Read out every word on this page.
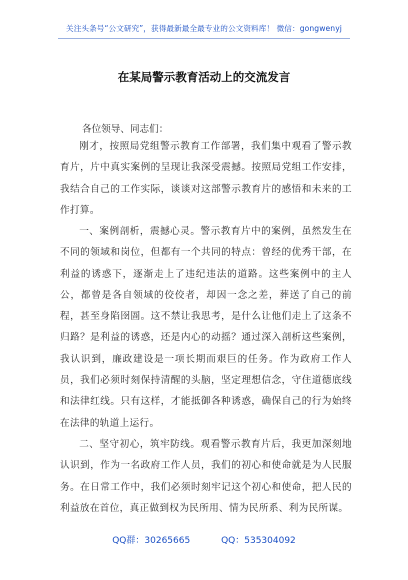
关注头条号“公文研究”，获得最新最全最专业的公文资料库！ 微信：gongwenyj
在某局警示教育活动上的交流发言
各位领导、同志们：

刚才，按照局党组警示教育工作部署，我们集中观看了警示教育片，片中真实案例的呈现让我深受震撼。按照局党组工作安排，我结合自己的工作实际，谈谈对这部警示教育片的感悟和未来的工作打算。

一、案例剖析，震撼心灵。警示教育片中的案例，虽然发生在不同的领域和岗位，但都有一个共同的特点：曾经的优秀干部，在利益的诱惑下，逐渐走上了违纪违法的道路。这些案例中的主人公，都曾是各自领域的佼佼者，却因一念之差，葬送了自己的前程，甚至身陷囹圄。这不禁让我思考，是什么让他们走上了这条不归路？是利益的诱惑，还是内心的动摇？通过深入剖析这些案例，我认识到，廉政建设是一项长期而艰巨的任务。作为政府工作人员，我们必须时刻保持清醒的头脑，坚定理想信念，守住道德底线和法律红线。只有这样，才能抵御各种诱惑，确保自己的行为始终在法律的轨道上运行。

二、坚守初心，筑牢防线。观看警示教育片后，我更加深刻地认识到，作为一名政府工作人员，我们的初心和使命就是为人民服务。在日常工作中，我们必须时刻牢记这个初心和使命，把人民的利益放在首位，真正做到权为民所用、情为民所系、利为民所谋。

QQ群：30265665	QQ：535304092
